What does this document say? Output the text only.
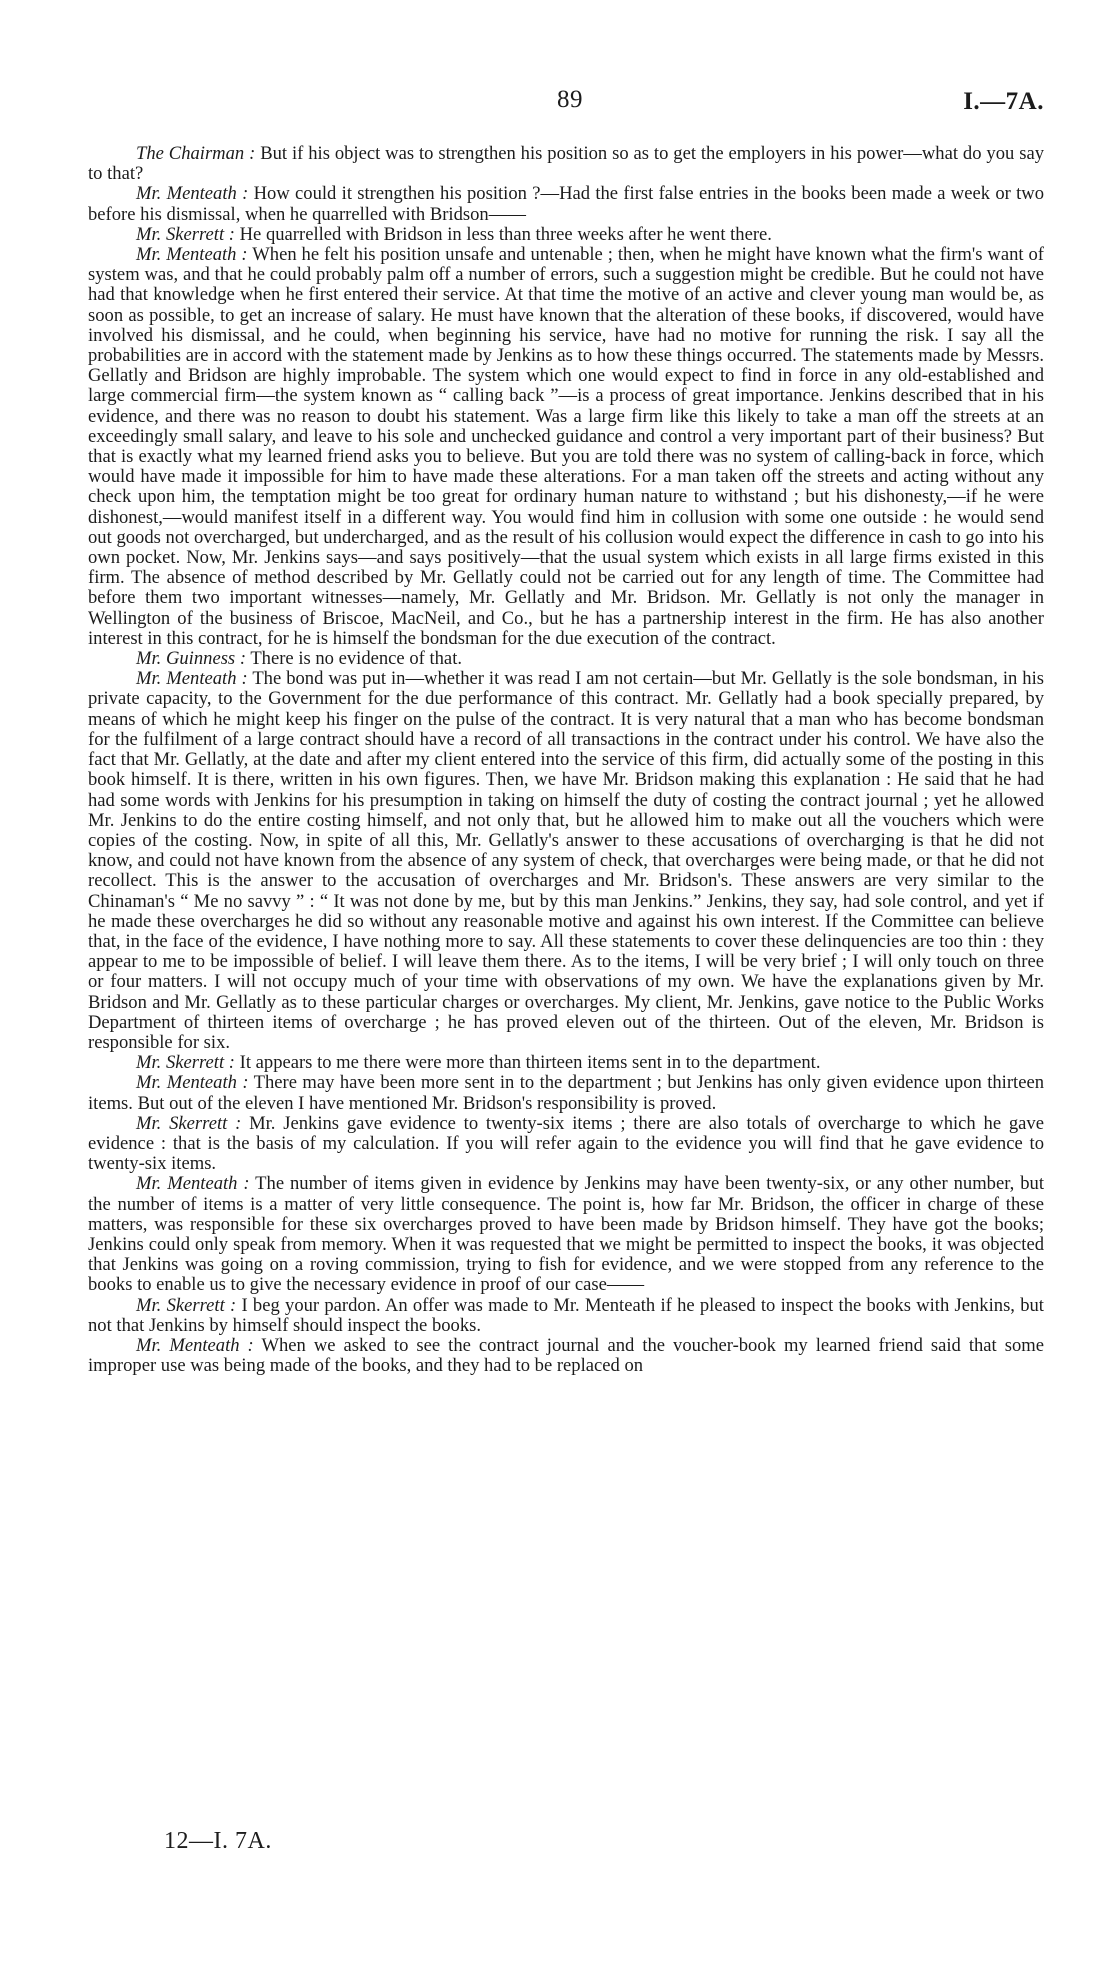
89	I.—7A.

The Chairman : But if his object was to strengthen his position so as to get the employers in his power—what do you say to that?

Mr. Menteath : How could it strengthen his position ?—Had the first false entries in the books been made a week or two before his dismissal, when he quarrelled with Bridson——

Mr. Skerrett : He quarrelled with Bridson in less than three weeks after he went there.

Mr. Menteath : When he felt his position unsafe and untenable ; then, when he might have known what the firm's want of system was, and that he could probably palm off a number of errors, such a suggestion might be credible. But he could not have had that knowledge when he first entered their service. At that time the motive of an active and clever young man would be, as soon as possible, to get an increase of salary. He must have known that the alteration of these books, if discovered, would have involved his dismissal, and he could, when beginning his service, have had no motive for running the risk. I say all the probabilities are in accord with the statement made by Jenkins as to how these things occurred. The statements made by Messrs. Gellatly and Bridson are highly improbable. The system which one would expect to find in force in any old-established and large commercial firm—the system known as “ calling back ”—is a process of great importance. Jenkins described that in his evidence, and there was no reason to doubt his statement. Was a large firm like this likely to take a man off the streets at an exceedingly small salary, and leave to his sole and unchecked guidance and control a very important part of their business? But that is exactly what my learned friend asks you to believe. But you are told there was no system of calling-back in force, which would have made it impossible for him to have made these alterations. For a man taken off the streets and acting without any check upon him, the temptation might be too great for ordinary human nature to withstand ; but his dishonesty,—if he were dishonest,—would manifest itself in a different way. You would find him in collusion with some one outside : he would send out goods not overcharged, but undercharged, and as the result of his collusion would expect the difference in cash to go into his own pocket. Now, Mr. Jenkins says—and says positively—that the usual system which exists in all large firms existed in this firm. The absence of method described by Mr. Gellatly could not be carried out for any length of time. The Committee had before them two important witnesses—namely, Mr. Gellatly and Mr. Bridson. Mr. Gellatly is not only the manager in Wellington of the business of Briscoe, MacNeil, and Co., but he has a partnership interest in the firm. He has also another interest in this contract, for he is himself the bondsman for the due execution of the contract.

Mr. Guinness : There is no evidence of that.

Mr. Menteath : The bond was put in—whether it was read I am not certain—but Mr. Gellatly is the sole bondsman, in his private capacity, to the Government for the due performance of this contract. Mr. Gellatly had a book specially prepared, by means of which he might keep his finger on the pulse of the contract. It is very natural that a man who has become bondsman for the fulfilment of a large contract should have a record of all transactions in the contract under his control. We have also the fact that Mr. Gellatly, at the date and after my client entered into the service of this firm, did actually some of the posting in this book himself. It is there, written in his own figures. Then, we have Mr. Bridson making this explanation : He said that he had had some words with Jenkins for his presumption in taking on himself the duty of costing the contract journal ; yet he allowed Mr. Jenkins to do the entire costing himself, and not only that, but he allowed him to make out all the vouchers which were copies of the costing. Now, in spite of all this, Mr. Gellatly's answer to these accusations of overcharging is that he did not know, and could not have known from the absence of any system of check, that overcharges were being made, or that he did not recollect. This is the answer to the accusation of overcharges and Mr. Bridson's. These answers are very similar to the Chinaman's “ Me no savvy ” : “ It was not done by me, but by this man Jenkins.” Jenkins, they say, had sole control, and yet if he made these overcharges he did so without any reasonable motive and against his own interest. If the Committee can believe that, in the face of the evidence, I have nothing more to say. All these statements to cover these delinquencies are too thin : they appear to me to be impossible of belief. I will leave them there. As to the items, I will be very brief ; I will only touch on three or four matters. I will not occupy much of your time with observations of my own. We have the explanations given by Mr. Bridson and Mr. Gellatly as to these particular charges or overcharges. My client, Mr. Jenkins, gave notice to the Public Works Department of thirteen items of overcharge ; he has proved eleven out of the thirteen. Out of the eleven, Mr. Bridson is responsible for six.

Mr. Skerrett : It appears to me there were more than thirteen items sent in to the department.

Mr. Menteath : There may have been more sent in to the department ; but Jenkins has only given evidence upon thirteen items. But out of the eleven I have mentioned Mr. Bridson's responsibility is proved.

Mr. Skerrett : Mr. Jenkins gave evidence to twenty-six items ; there are also totals of overcharge to which he gave evidence : that is the basis of my calculation. If you will refer again to the evidence you will find that he gave evidence to twenty-six items.

Mr. Menteath : The number of items given in evidence by Jenkins may have been twenty-six, or any other number, but the number of items is a matter of very little consequence. The point is, how far Mr. Bridson, the officer in charge of these matters, was responsible for these six overcharges proved to have been made by Bridson himself. They have got the books; Jenkins could only speak from memory. When it was requested that we might be permitted to inspect the books, it was objected that Jenkins was going on a roving commission, trying to fish for evidence, and we were stopped from any reference to the books to enable us to give the necessary evidence in proof of our case——

Mr. Skerrett : I beg your pardon. An offer was made to Mr. Menteath if he pleased to inspect the books with Jenkins, but not that Jenkins by himself should inspect the books.

Mr. Menteath : When we asked to see the contract journal and the voucher-book my learned friend said that some improper use was being made of the books, and they had to be replaced on

12—I. 7A.
